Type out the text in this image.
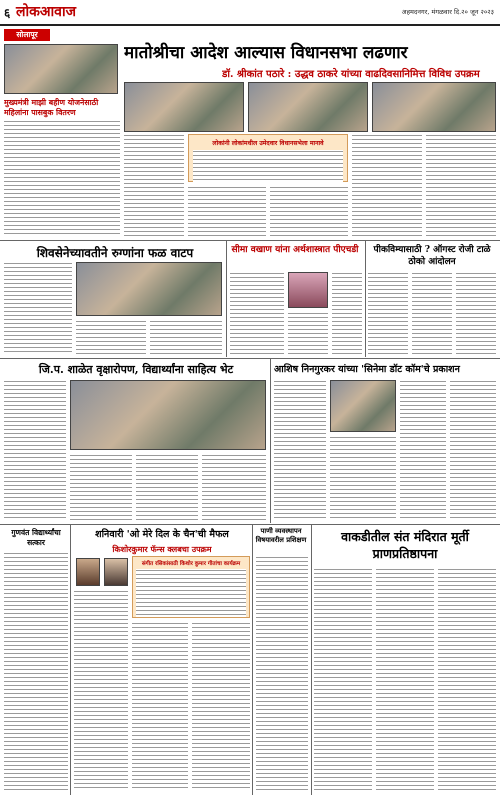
६ लोकआवाज	अहमदनगर, मंगळवार दि.२० जून २०२३
सोलापूर
मातोश्रीचा आदेश आल्यास विधानसभा लढणार
डॉ. श्रीकांत पठारे : उद्धव ठाकरे यांच्या वाढदिवसानिमित्त विविध उपक्रम
मुख्यमंत्री माझी बहीण योजनेसाठी महिलांना पासबुक वितरण
लोकांनी लोकांमधील उमेदवार विधानसभेला मानावे
शिवसेनेच्यावतीने रुग्णांना फळ वाटप	सीमा वखाण यांना अर्थशास्त्रात पीएचडी	पीकविम्यासाठी ? ऑगस्ट रोजी टाळे ठोको आंदोलन
जि.प. शाळेत वृक्षारोपण, विद्यार्थ्यांना साहित्य भेट	आशिष निनगुरकर यांच्या 'सिनेमा डॉट कॉम'चे प्रकाशन
गुणवंत विद्यार्थ्यांचा सत्कार
शनिवारी 'ओ मेरे दिल के चैन'ची मैफल
किशोरकुमार फॅन्स क्लबचा उपक्रम
संगीत रसिकांसाठी किशोर कुमार गीतांचा कार्यक्रम
पाणी व्यवस्थापन विषयावरील प्रशिक्षण	वाकडीतील संत मंदिरात मूर्ती प्राणप्रतिष्ठापना
